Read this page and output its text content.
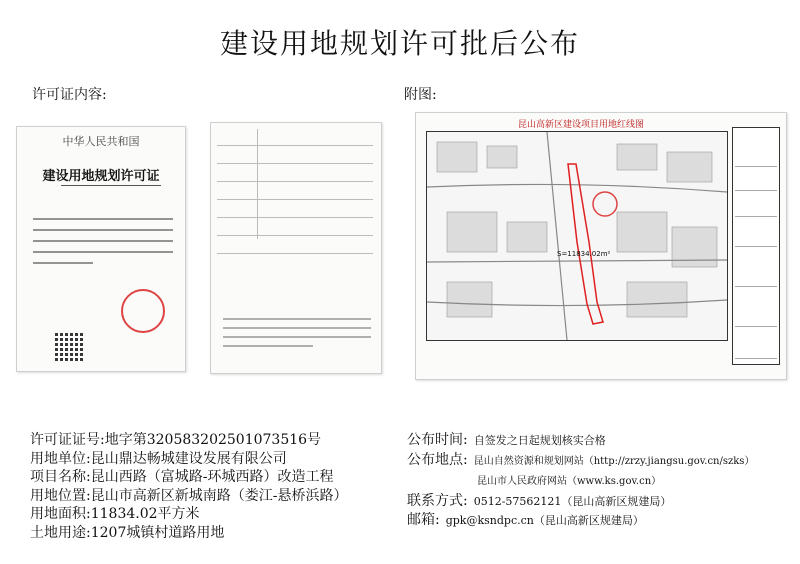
建设用地规划许可批后公布
许可证内容:	附图:
中华人民共和国
建设用地规划许可证
昆山高新区建设项目用地红线图
S=11834.02m²
许可证证号:地字第320583202501073516号
用地单位:昆山鼎达畅城建设发展有限公司
项目名称:昆山西路（富城路-环城西路）改造工程
用地位置:昆山市高新区新城南路（娄江-悬桥浜路）
用地面积:11834.02平方米
土地用途:1207城镇村道路用地
公布时间: 自签发之日起规划核实合格
公布地点: 昆山自然资源和规划网站（http://zrzy.jiangsu.gov.cn/szks）
昆山市人民政府网站（www.ks.gov.cn）
联系方式: 0512-57562121（昆山高新区规建局）
邮箱: gpk@ksndpc.cn（昆山高新区规建局）
